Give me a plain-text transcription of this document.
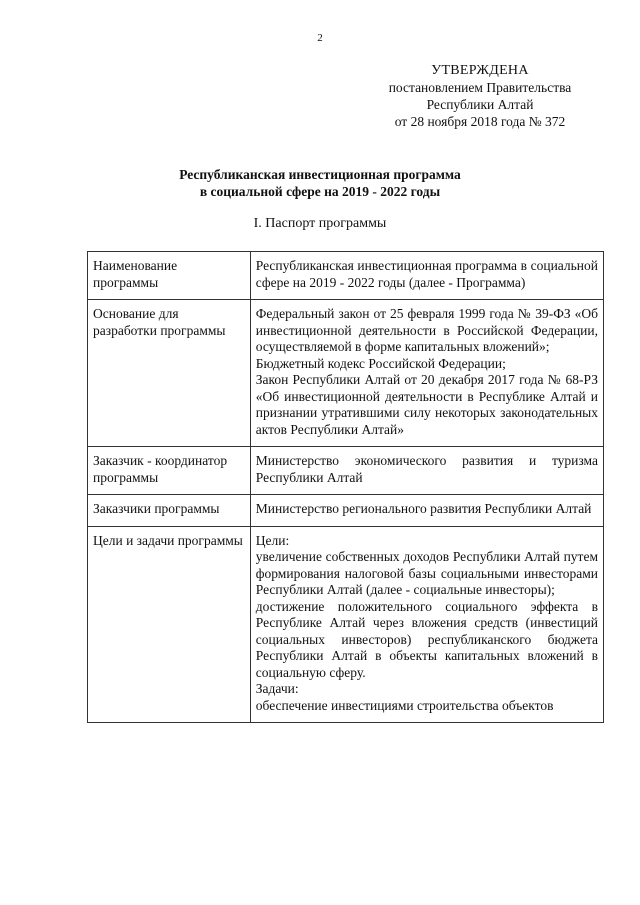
2
УТВЕРЖДЕНА
постановлением Правительства
Республики Алтай
от 28 ноября 2018 года № 372
Республиканская инвестиционная программа
в социальной сфере на 2019 - 2022 годы
I. Паспорт программы
Наименование программы	Республиканская инвестиционная программа в социальной сфере на 2019 - 2022 годы (далее - Программа)

Основание для разработки программы	Федеральный закон от 25 февраля 1999 года № 39-ФЗ «Об инвестиционной деятельности в Российской Федерации, осуществляемой в форме капитальных вложений»;
Бюджетный кодекс Российской Федерации;
Закон Республики Алтай от 20 декабря 2017 года № 68-РЗ «Об инвестиционной деятельности в Республике Алтай и признании утратившими силу некоторых законодательных актов Республики Алтай»

Заказчик - координатор программы	Министерство экономического развития и туризма Республики Алтай

Заказчики программы	Министерство регионального развития Республики Алтай

Цели и задачи программы	Цели:
увеличение собственных доходов Республики Алтай путем формирования налоговой базы социальными инвесторами Республики Алтай (далее - социальные инвесторы);
достижение положительного социального эффекта в Республике Алтай через вложения средств (инвестиций социальных инвесторов) республиканского бюджета Республики Алтай в объекты капитальных вложений в социальную сферу.
Задачи:
обеспечение инвестициями строительства объектов
